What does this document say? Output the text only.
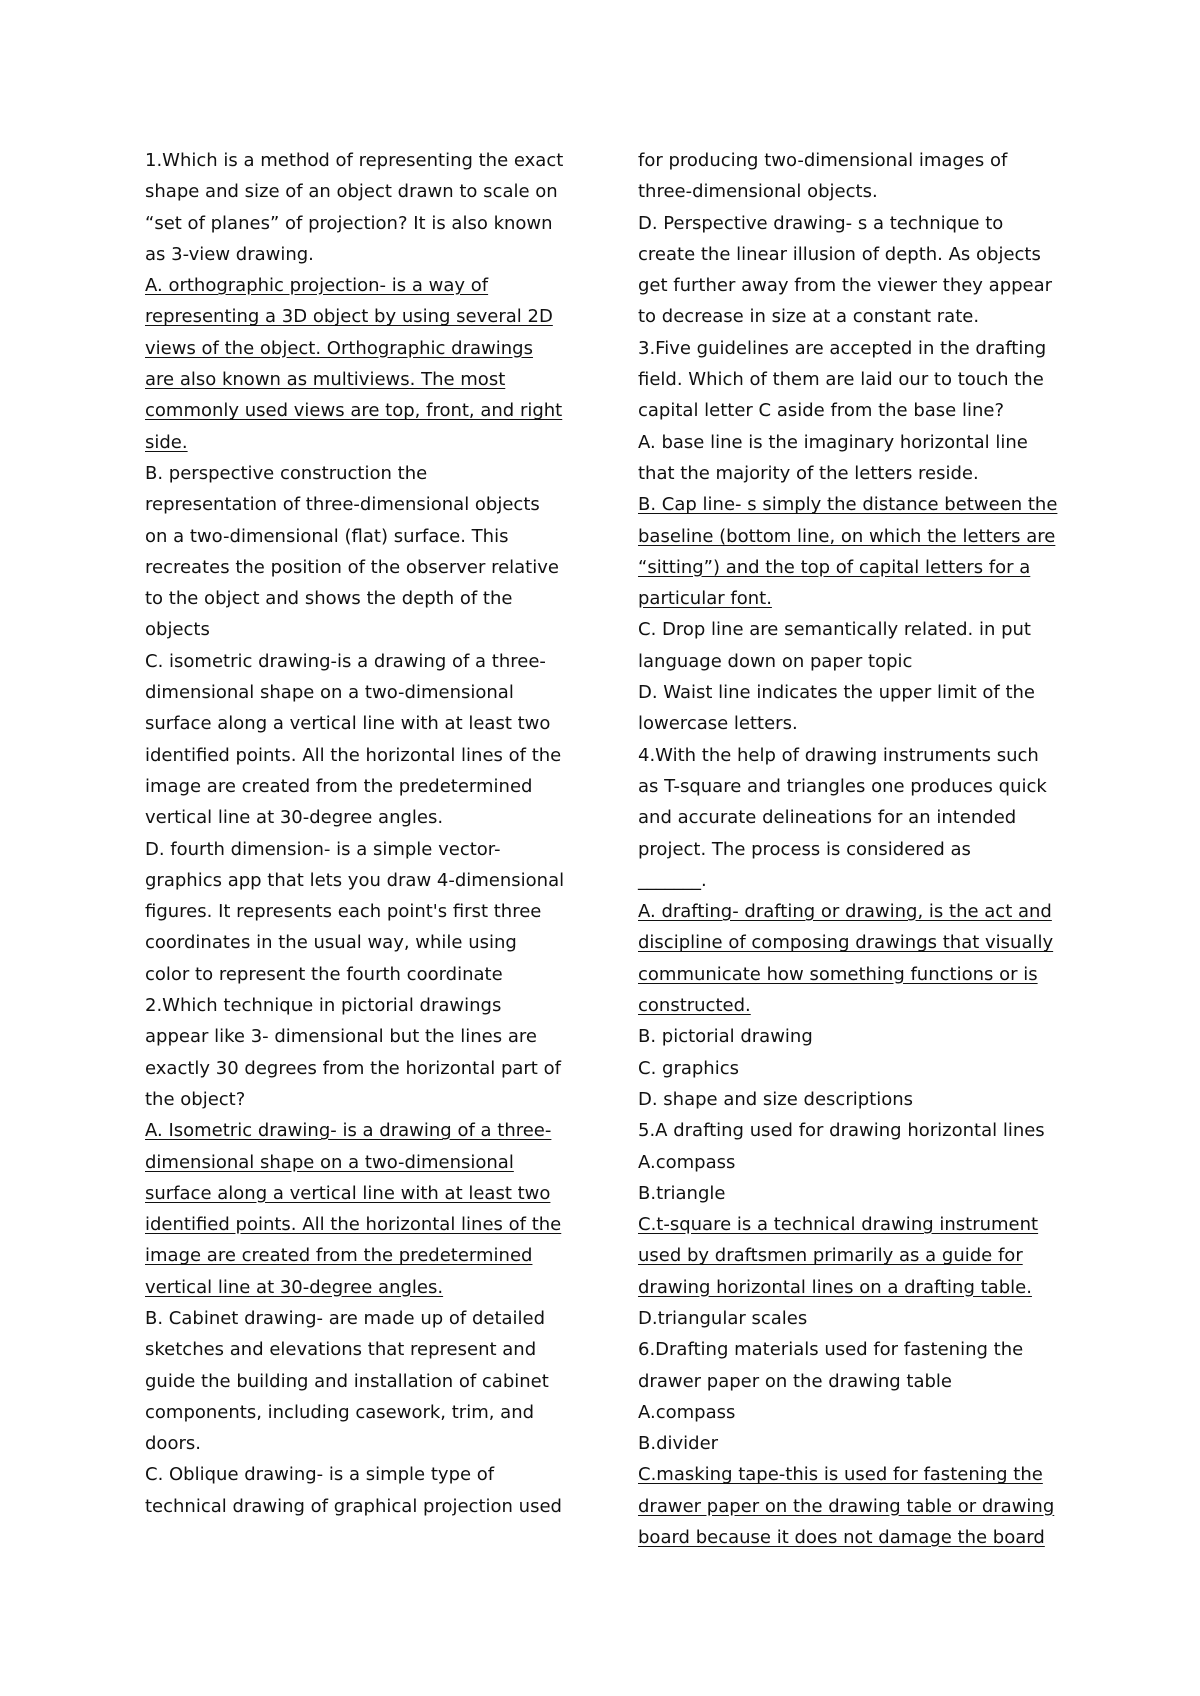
1.Which is a method of representing the exact
shape and size of an object drawn to scale on
“set of planes” of projection? It is also known
as 3-view drawing.
A. orthographic projection- is a way of
representing a 3D object by using several 2D
views of the object. Orthographic drawings
are also known as multiviews. The most
commonly used views are top, front, and right
side.
B. perspective construction the
representation of three-dimensional objects
on a two-dimensional (flat) surface. This
recreates the position of the observer relative
to the object and shows the depth of the
objects
C. isometric drawing-is a drawing of a three-
dimensional shape on a two-dimensional
surface along a vertical line with at least two
identified points. All the horizontal lines of the
image are created from the predetermined
vertical line at 30-degree angles.
D. fourth dimension- is a simple vector-
graphics app that lets you draw 4-dimensional
figures. It represents each point's first three
coordinates in the usual way, while using
color to represent the fourth coordinate
2.Which technique in pictorial drawings
appear like 3- dimensional but the lines are
exactly 30 degrees from the horizontal part of
the object?
A. Isometric drawing- is a drawing of a three-
dimensional shape on a two-dimensional
surface along a vertical line with at least two
identified points. All the horizontal lines of the
image are created from the predetermined
vertical line at 30-degree angles.
B. Cabinet drawing- are made up of detailed
sketches and elevations that represent and
guide the building and installation of cabinet
components, including casework, trim, and
doors.
C. Oblique drawing- is a simple type of
technical drawing of graphical projection used
for producing two-dimensional images of
three-dimensional objects.
D. Perspective drawing- s a technique to
create the linear illusion of depth. As objects
get further away from the viewer they appear
to decrease in size at a constant rate.
3.Five guidelines are accepted in the drafting
field. Which of them are laid our to touch the
capital letter C aside from the base line?
A. base line is the imaginary horizontal line
that the majority of the letters reside.
B. Cap line- s simply the distance between the
baseline (bottom line, on which the letters are
“sitting”) and the top of capital letters for a
particular font.
C. Drop line are semantically related. in put
language down on paper topic
D. Waist line indicates the upper limit of the
lowercase letters.
4.With the help of drawing instruments such
as T-square and triangles one produces quick
and accurate delineations for an intended
project. The process is considered as
_______.
A. drafting- drafting or drawing, is the act and
discipline of composing drawings that visually
communicate how something functions or is
constructed.
B. pictorial drawing
C. graphics
D. shape and size descriptions
5.A drafting used for drawing horizontal lines
A.compass
B.triangle
C.t-square is a technical drawing instrument
used by draftsmen primarily as a guide for
drawing horizontal lines on a drafting table.
D.triangular scales
6.Drafting materials used for fastening the
drawer paper on the drawing table
A.compass
B.divider
C.masking tape-this is used for fastening the
drawer paper on the drawing table or drawing
board because it does not damage the board
